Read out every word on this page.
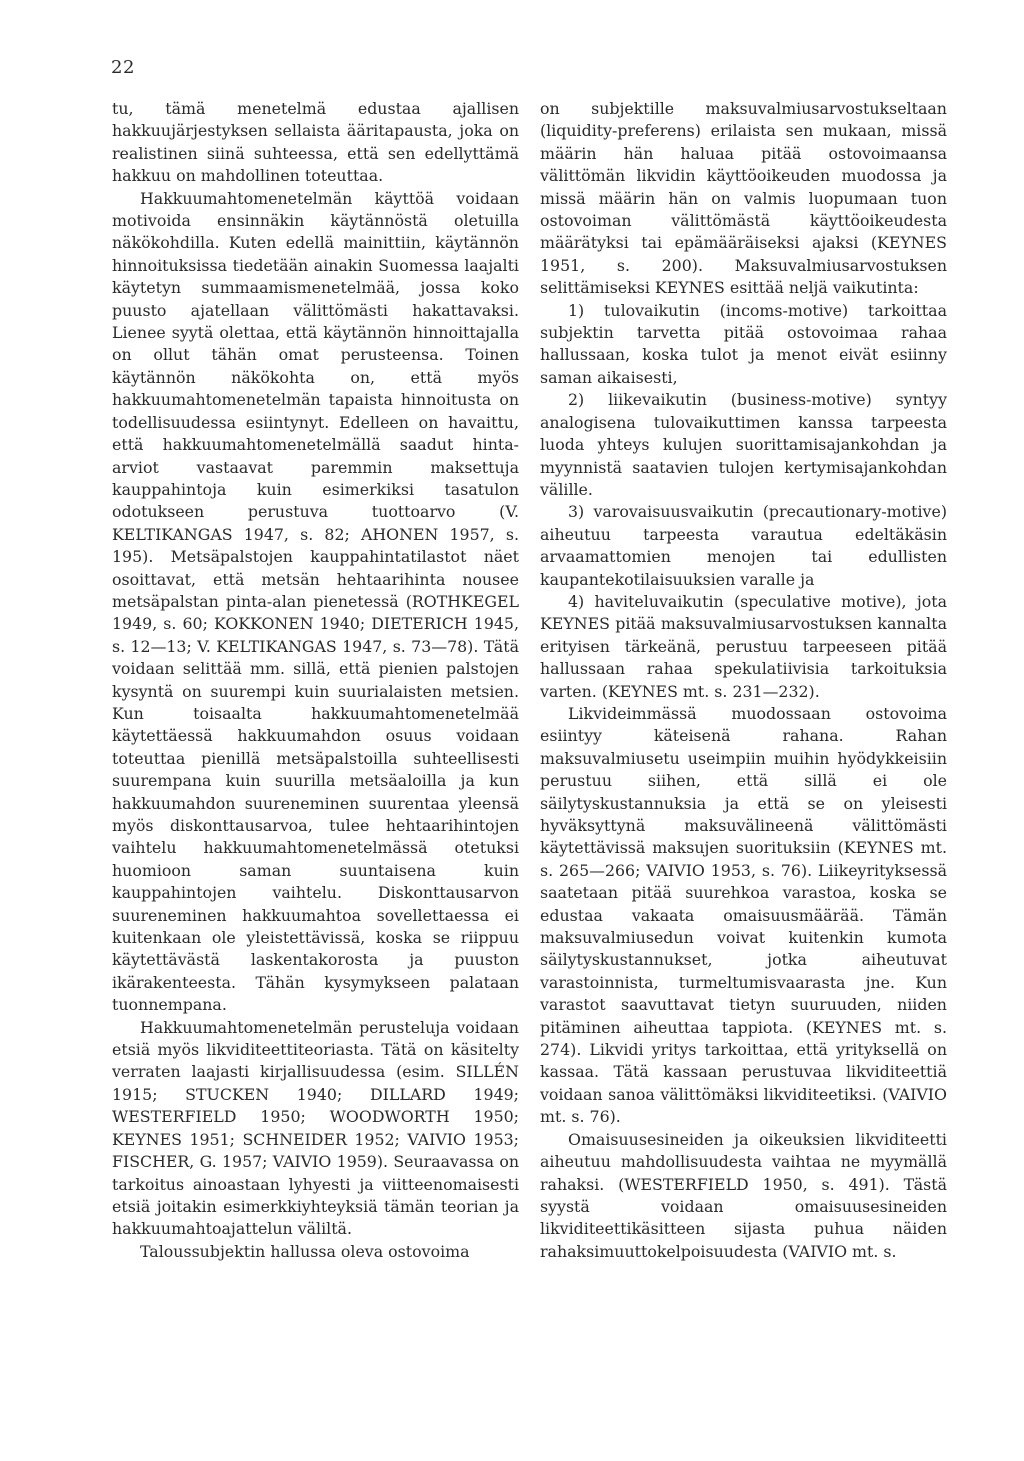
22

tu, tämä menetelmä edustaa ajallisen hakkuujärjestyksen sellaista ääritapausta, joka on realistinen siinä suhteessa, että sen edellyttämä hakkuu on mahdollinen toteuttaa.

Hakkuumahtomenetelmän käyttöä voidaan motivoida ensinnäkin käytännöstä oletuilla näkökohdilla. Kuten edellä mainittiin, käytännön hinnoituksissa tiedetään ainakin Suomessa laajalti käytetyn summaamismenetelmää, jossa koko puusto ajatellaan välittömästi hakattavaksi. Lienee syytä olettaa, että käytännön hinnoittajalla on ollut tähän omat perusteensa. Toinen käytännön näkökohta on, että myös hakkuumahtomenetelmän tapaista hinnoitusta on todellisuudessa esiintynyt. Edelleen on havaittu, että hakkuumahtomenetelmällä saadut hinta-arviot vastaavat paremmin maksettuja kauppahintoja kuin esimerkiksi tasatulon odotukseen perustuva tuottoarvo (V. KELTIKANGAS 1947, s. 82; AHONEN 1957, s. 195). Metsäpalstojen kauppahintatilastot näet osoittavat, että metsän hehtaarihinta nousee metsäpalstan pinta-alan pienetessä (ROTHKEGEL 1949, s. 60; KOKKONEN 1940; DIETERICH 1945, s. 12—13; V. KELTIKANGAS 1947, s. 73—78). Tätä voidaan selittää mm. sillä, että pienien palstojen kysyntä on suurempi kuin suurialaisten metsien. Kun toisaalta hakkuumahtomenetelmää käytettäessä hakkuumahdon osuus voidaan toteuttaa pienillä metsäpalstoilla suhteellisesti suurempana kuin suurilla metsäaloilla ja kun hakkuumahdon suureneminen suurentaa yleensä myös diskonttausarvoa, tulee hehtaarihintojen vaihtelu hakkuumahtomenetelmässä otetuksi huomioon saman suuntaisena kuin kauppahintojen vaihtelu. Diskonttausarvon suureneminen hakkuumahtoa sovellettaessa ei kuitenkaan ole yleistettävissä, koska se riippuu käytettävästä laskentakorosta ja puuston ikärakenteesta. Tähän kysymykseen palataan tuonnempana.

Hakkuumahtomenetelmän perusteluja voidaan etsiä myös likviditeettiteoriasta. Tätä on käsitelty verraten laajasti kirjallisuudessa (esim. SILLÉN 1915; STUCKEN 1940; DILLARD 1949; WESTERFIELD 1950; WOODWORTH 1950; KEYNES 1951; SCHNEIDER 1952; VAIVIO 1953; FISCHER, G. 1957; VAIVIO 1959). Seuraavassa on tarkoitus ainoastaan lyhyesti ja viitteenomaisesti etsiä joitakin esimerkkiyhteyksiä tämän teorian ja hakkuumahtoajattelun väliltä.

Taloussubjektin hallussa oleva ostovoima

on subjektille maksuvalmiusarvostukseltaan (liquidity-preferens) erilaista sen mukaan, missä määrin hän haluaa pitää ostovoimaansa välittömän likvidin käyttöoikeuden muodossa ja missä määrin hän on valmis luopumaan tuon ostovoiman välittömästä käyttöoikeudesta määrätyksi tai epämääräiseksi ajaksi (KEYNES 1951, s. 200). Maksuvalmiusarvostuksen selittämiseksi KEYNES esittää neljä vaikutinta:

1) tulovaikutin (incoms-motive) tarkoittaa subjektin tarvetta pitää ostovoimaa rahaa hallussaan, koska tulot ja menot eivät esiinny saman aikaisesti,

2) liikevaikutin (business-motive) syntyy analogisena tulovaikuttimen kanssa tarpeesta luoda yhteys kulujen suorittamisajankohdan ja myynnistä saatavien tulojen kertymisajankohdan välille.

3) varovaisuusvaikutin (precautionary-motive) aiheutuu tarpeesta varautua edeltäkäsin arvaamattomien menojen tai edullisten kaupantekotilaisuuksien varalle ja

4) haviteluvaikutin (speculative motive), jota KEYNES pitää maksuvalmiusarvostuksen kannalta erityisen tärkeänä, perustuu tarpeeseen pitää hallussaan rahaa spekulatiivisia tarkoituksia varten. (KEYNES mt. s. 231—232).

Likvideimmässä muodossaan ostovoima esiintyy käteisenä rahana. Rahan maksuvalmiusetu useimpiin muihin hyödykkeisiin perustuu siihen, että sillä ei ole säilytyskustannuksia ja että se on yleisesti hyväksyttynä maksuvälineenä välittömästi käytettävissä maksujen suorituksiin (KEYNES mt. s. 265—266; VAIVIO 1953, s. 76). Liikeyrityksessä saatetaan pitää suurehkoa varastoa, koska se edustaa vakaata omaisuusmäärää. Tämän maksuvalmiusedun voivat kuitenkin kumota säilytyskustannukset, jotka aiheutuvat varastoinnista, turmeltumisvaarasta jne. Kun varastot saavuttavat tietyn suuruuden, niiden pitäminen aiheuttaa tappiota. (KEYNES mt. s. 274). Likvidi yritys tarkoittaa, että yrityksellä on kassaa. Tätä kassaan perustuvaa likviditeettiä voidaan sanoa välittömäksi likviditeetiksi. (VAIVIO mt. s. 76).

Omaisuusesineiden ja oikeuksien likviditeetti aiheutuu mahdollisuudesta vaihtaa ne myymällä rahaksi. (WESTERFIELD 1950, s. 491). Tästä syystä voidaan omaisuusesineiden likviditeettikäsitteen sijasta puhua näiden rahaksimuuttokelpoisuudesta (VAIVIO mt. s.
